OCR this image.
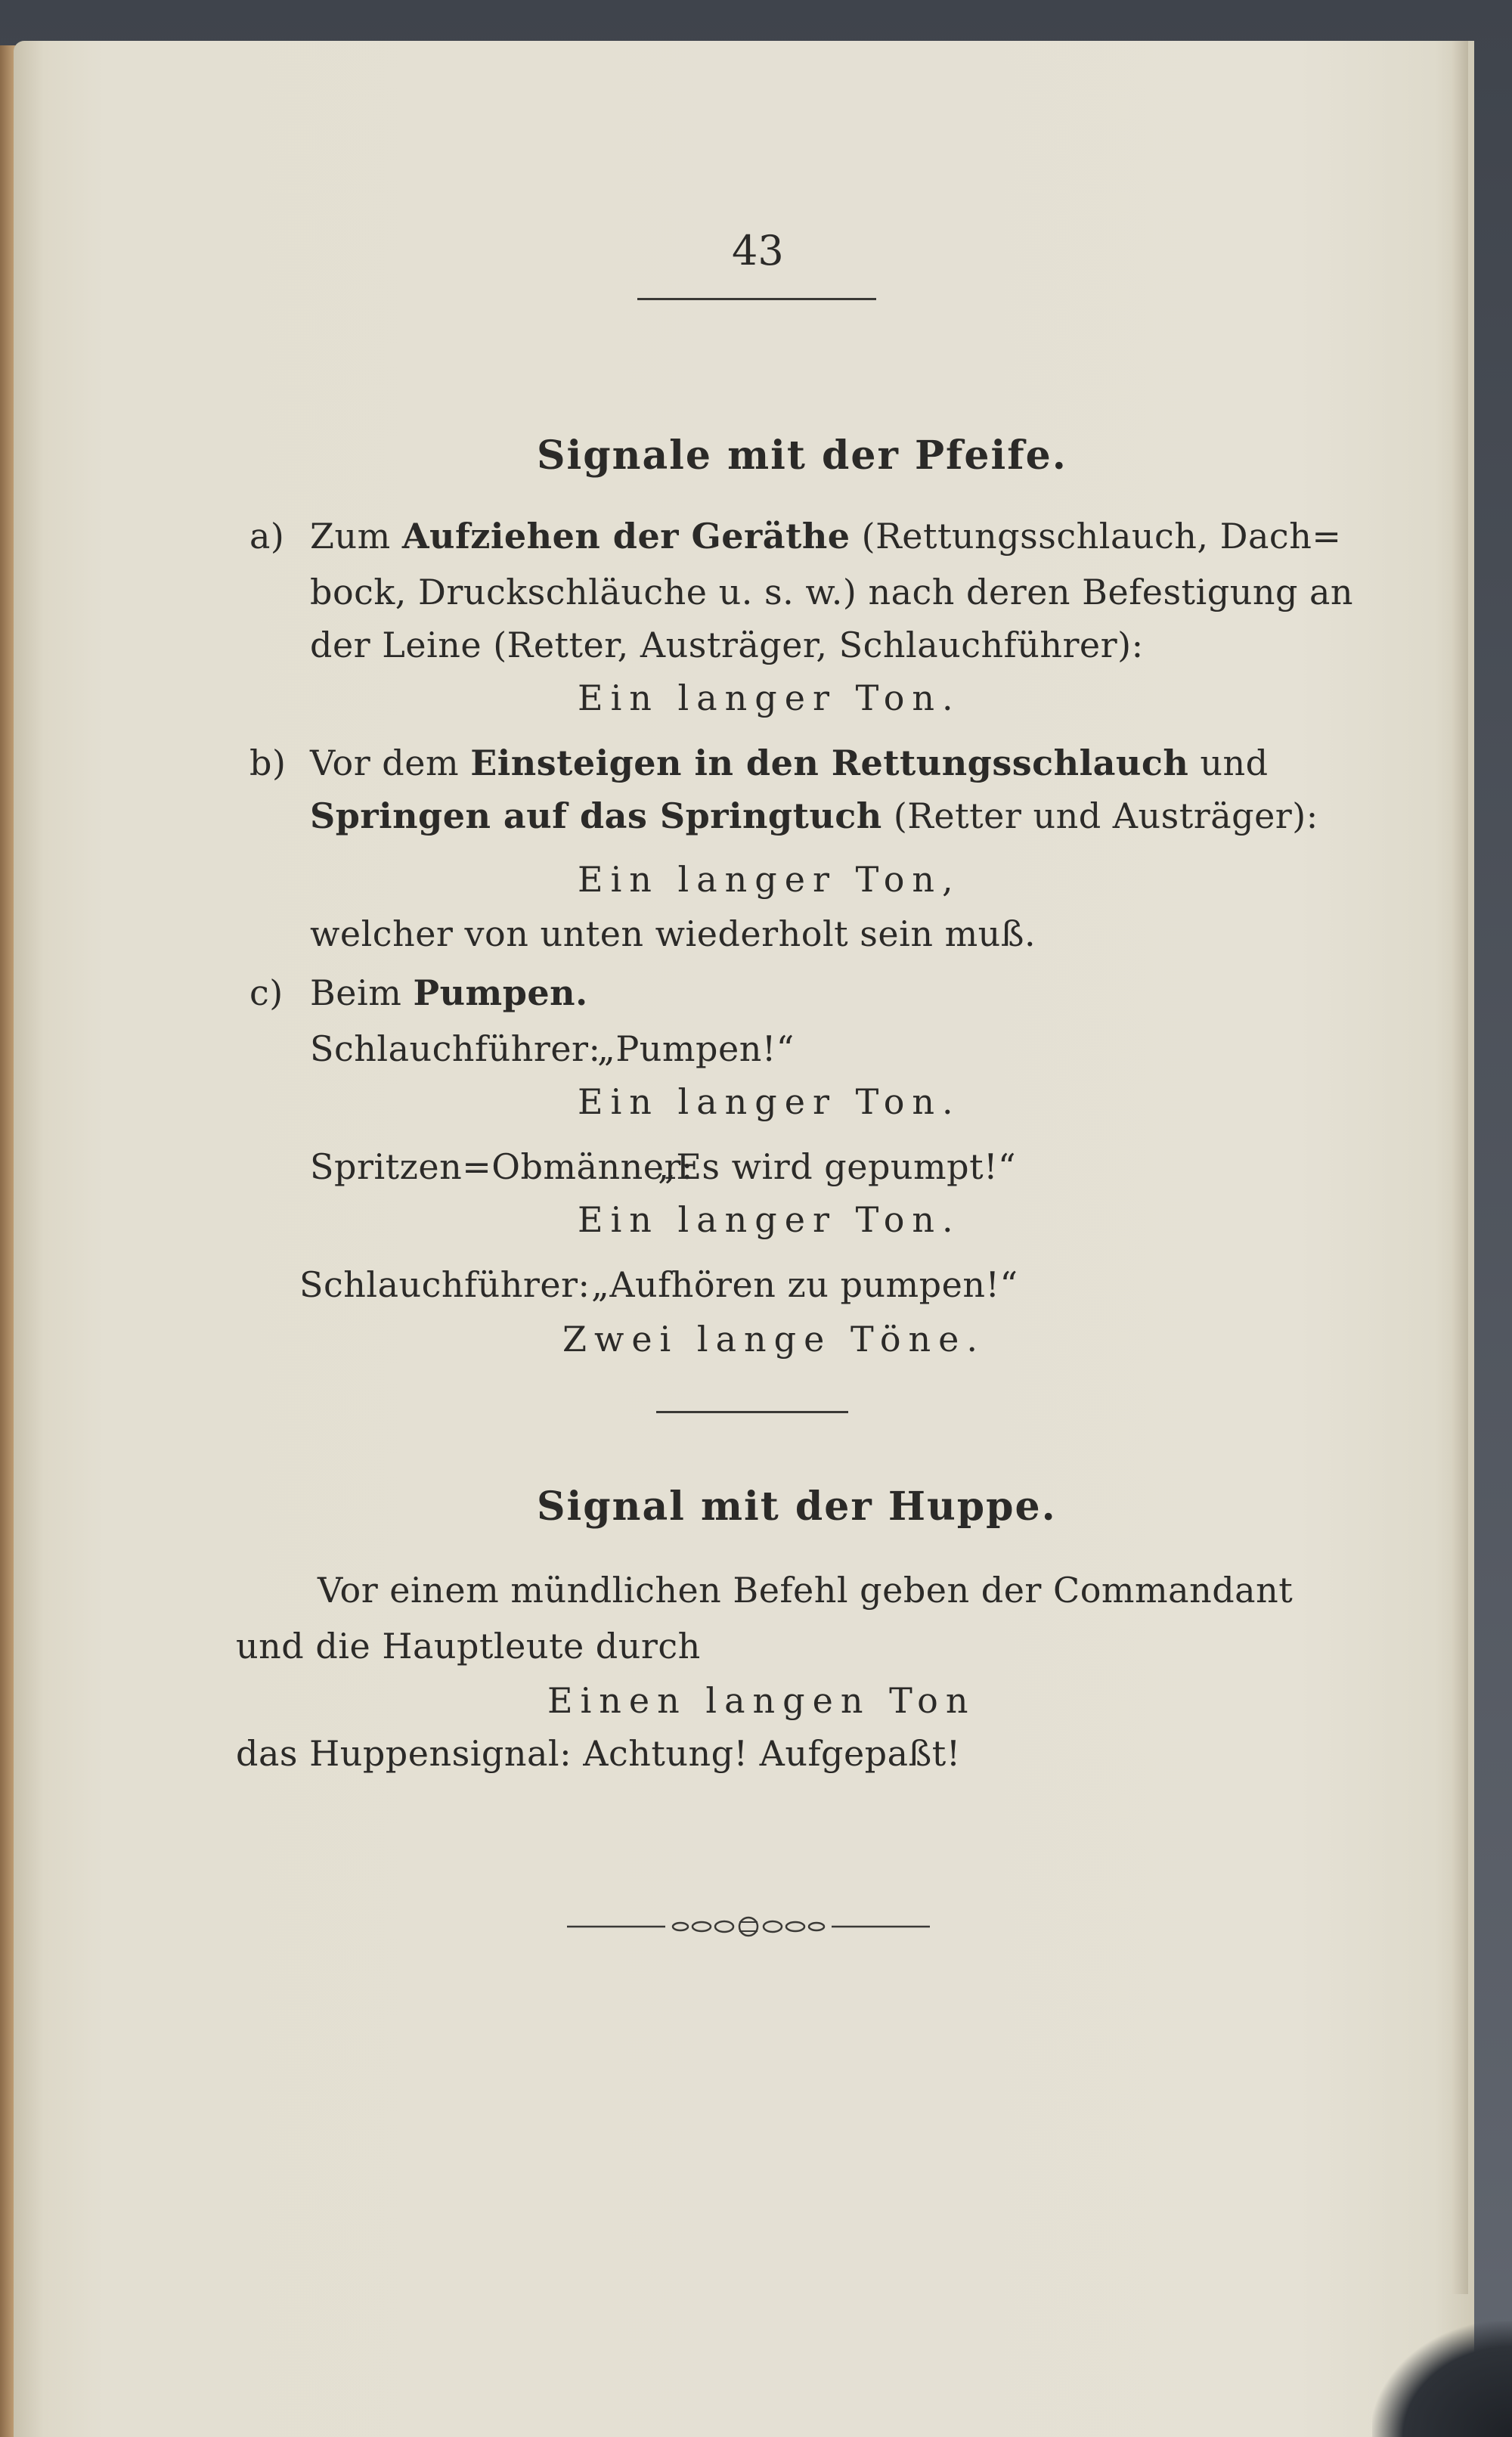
43

Signale mit der Pfeife.

a) Zum Aufziehen der Geräthe (Rettungsschlauch, Dach=

bock, Druckschläuche u. s. w.) nach deren Befestigung an

der Leine (Retter, Austräger, Schlauchführer):

Ein langer Ton.

b) Vor dem Einsteigen in den Rettungsschlauch und

Springen auf das Springtuch (Retter und Austräger):

Ein langer Ton,

welcher von unten wiederholt sein muß.

c) Beim Pumpen.

Schlauchführer:

„Pumpen!“

Ein langer Ton.

Spritzen=Obmänner:

„Es wird gepumpt!“

Ein langer Ton.

Schlauchführer: „Aufhören zu pumpen!“

Zwei lange Töne.

Signal mit der Huppe.

Vor einem mündlichen Befehl geben der Commandant

und die Hauptleute durch

Einen langen Ton

das Huppensignal: Achtung! Aufgepaßt!
